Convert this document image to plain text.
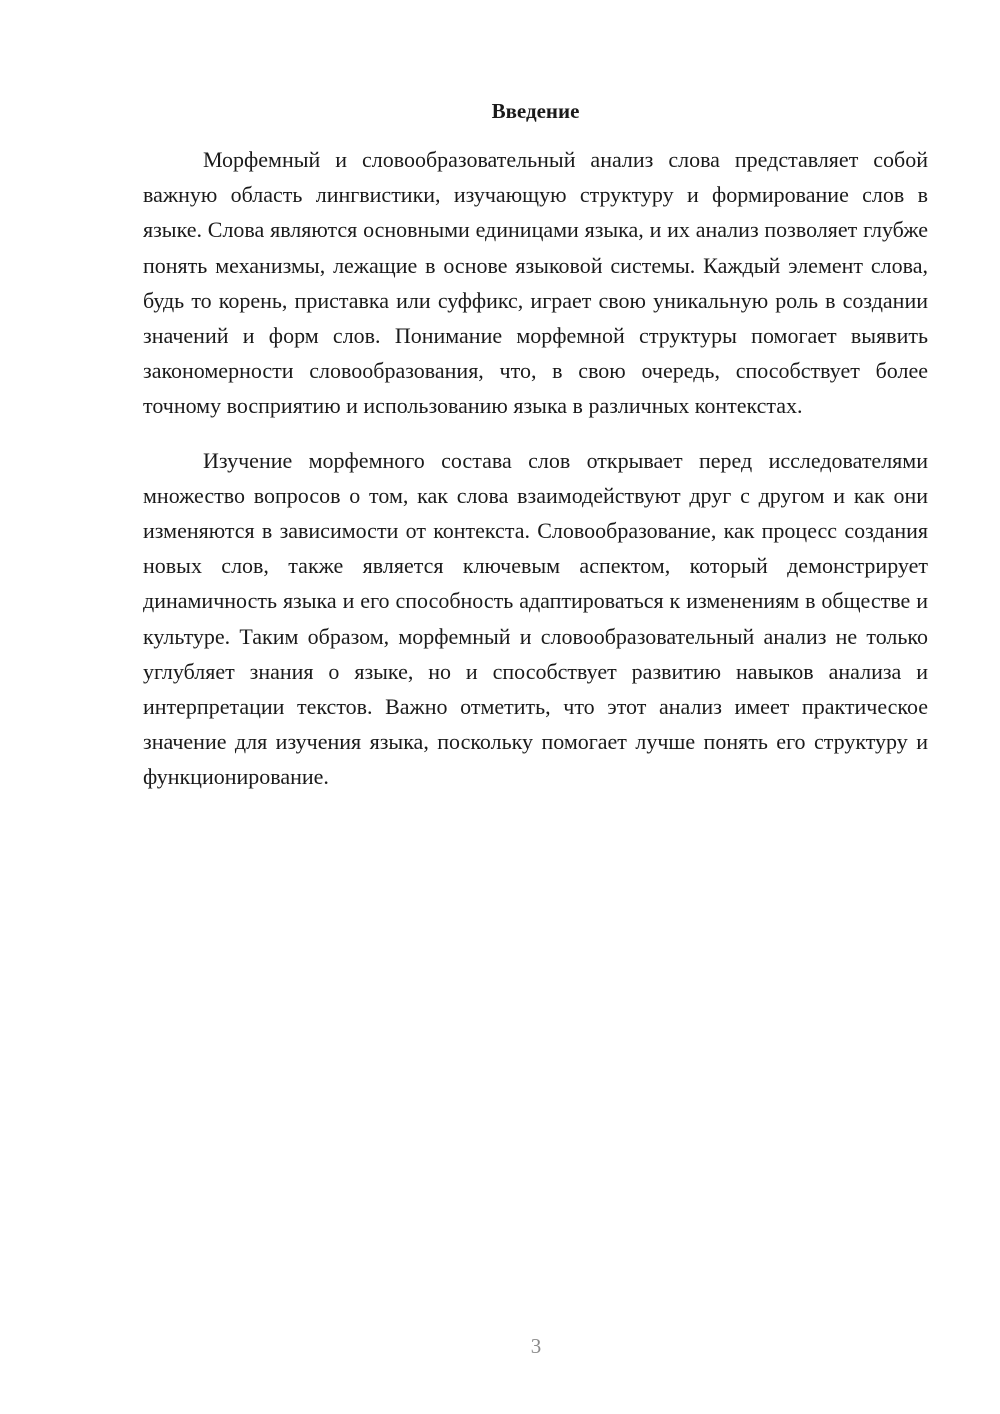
Введение

Морфемный и словообразовательный анализ слова представляет собой важную область лингвистики, изучающую структуру и формирование слов в языке. Слова являются основными единицами языка, и их анализ позволяет глубже понять механизмы, лежащие в основе языковой системы. Каждый элемент слова, будь то корень, приставка или суффикс, играет свою уникальную роль в создании значений и форм слов. Понимание морфемной структуры помогает выявить закономерности словообразования, что, в свою очередь, способствует более точному восприятию и использованию языка в различных контекстах.

Изучение морфемного состава слов открывает перед исследователями множество вопросов о том, как слова взаимодействуют друг с другом и как они изменяются в зависимости от контекста. Словообразование, как процесс создания новых слов, также является ключевым аспектом, который демонстрирует динамичность языка и его способность адаптироваться к изменениям в обществе и культуре. Таким образом, морфемный и словообразовательный анализ не только углубляет знания о языке, но и способствует развитию навыков анализа и интерпретации текстов. Важно отметить, что этот анализ имеет практическое значение для изучения языка, поскольку помогает лучше понять его структуру и функционирование.

3
